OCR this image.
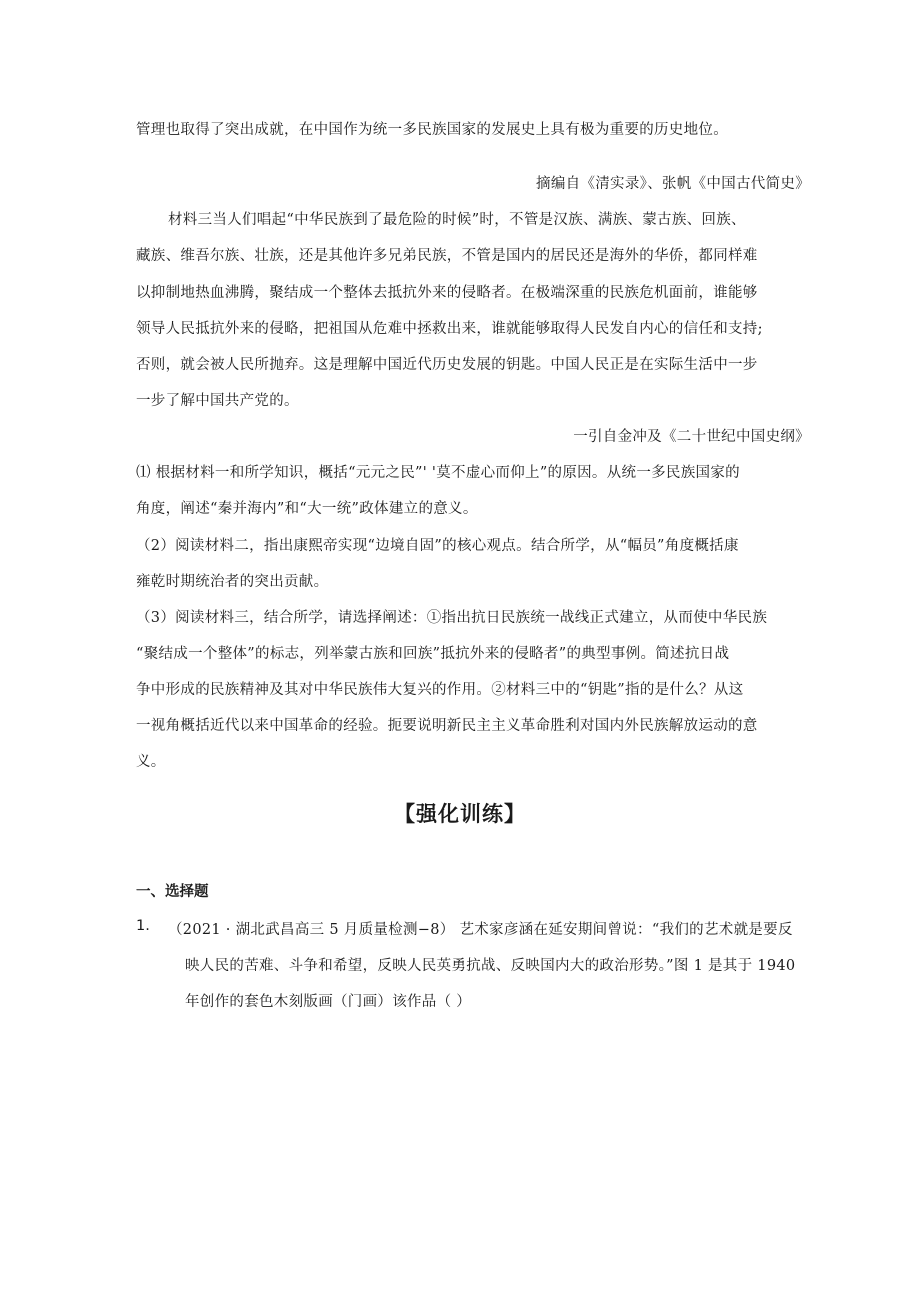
管理也取得了突出成就，在中国作为统一多民族国家的发展史上具有极为重要的历史地位。
摘编自《清实录》、张帆《中国古代简史》
材料三当人们唱起“中华民族到了最危险的时候”时，不管是汉族、满族、蒙古族、回族、
藏族、维吾尔族、壮族，还是其他许多兄弟民族，不管是国内的居民还是海外的华侨，都同样难
以抑制地热血沸腾，聚结成一个整体去抵抗外来的侵略者。在极端深重的民族危机面前，谁能够
领导人民抵抗外来的侵略，把祖国从危难中拯救出来，谁就能够取得人民发自内心的信任和支持;
否则，就会被人民所抛弃。这是理解中国近代历史发展的钥匙。中国人民正是在实际生活中一步
一步了解中国共产党的。
一引自金冲及《二十世纪中国史纲》
⑴ 根据材料一和所学知识，概括“元元之民”' '莫不虚心而仰上”的原因。从统一多民族国家的
角度，阐述“秦并海内”和“大一统”政体建立的意义。
（2）阅读材料二，指出康熙帝实现“边境自固”的核心观点。结合所学，从“幅员”角度概括康
雍乾时期统治者的突出贡献。
（3）阅读材料三，结合所学，请选择阐述：①指出抗日民族统一战线正式建立，从而使中华民族
“聚结成一个整体”的标志，列举蒙古族和回族”抵抗外来的侵略者”的典型事例。简述抗日战
争中形成的民族精神及其对中华民族伟大复兴的作用。②材料三中的“钥匙”指的是什么？从这
一视角概括近代以来中国革命的经验。扼要说明新民主主义革命胜利对国内外民族解放运动的意
义。
【强化训练】
一、选择题
1. （2021 · 湖北武昌高三 5 月质量检测−8） 艺术家彦涵在延安期间曾说：“我们的艺术就是要反
映人民的苦难、斗争和希望，反映人民英勇抗战、反映国内大的政治形势。”图 1 是其于 1940
年创作的套色木刻版画（门画）该作品（ ）
